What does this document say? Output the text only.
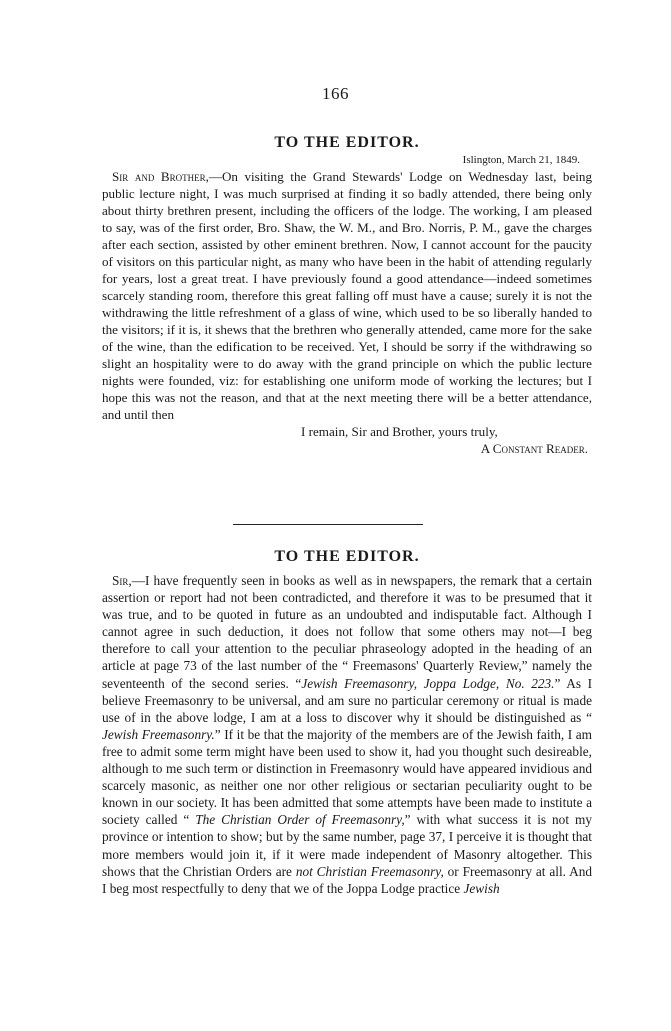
166
TO THE EDITOR.

Islington, March 21, 1849.

Sir and Brother,—On visiting the Grand Stewards' Lodge on Wednesday last, being public lecture night, I was much surprised at finding it so badly attended, there being only about thirty brethren present, including the officers of the lodge. The working, I am pleased to say, was of the first order, Bro. Shaw, the W. M., and Bro. Norris, P. M., gave the charges after each section, assisted by other eminent brethren. Now, I cannot account for the paucity of visitors on this particular night, as many who have been in the habit of attending regularly for years, lost a great treat. I have previously found a good attendance—indeed sometimes scarcely standing room, therefore this great falling off must have a cause; surely it is not the withdrawing the little refreshment of a glass of wine, which used to be so liberally handed to the visitors; if it is, it shews that the brethren who generally attended, came more for the sake of the wine, than the edification to be received. Yet, I should be sorry if the withdrawing so slight an hospitality were to do away with the grand principle on which the public lecture nights were founded, viz: for establishing one uniform mode of working the lectures; but I hope this was not the reason, and that at the next meeting there will be a better attendance, and until then

I remain, Sir and Brother, yours truly,

A Constant Reader.

TO THE EDITOR.

Sir,—I have frequently seen in books as well as in newspapers, the remark that a certain assertion or report had not been contradicted, and therefore it was to be presumed that it was true, and to be quoted in future as an undoubted and indisputable fact. Although I cannot agree in such deduction, it does not follow that some others may not—I beg therefore to call your attention to the peculiar phraseology adopted in the heading of an article at page 73 of the last number of the “ Freemasons' Quarterly Review,” namely the seventeenth of the second series. “Jewish Freemasonry, Joppa Lodge, No. 223.” As I believe Freemasonry to be universal, and am sure no particular ceremony or ritual is made use of in the above lodge, I am at a loss to discover why it should be distinguished as “ Jewish Freemasonry.” If it be that the majority of the members are of the Jewish faith, I am free to admit some term might have been used to show it, had you thought such desireable, although to me such term or distinction in Freemasonry would have appeared invidious and scarcely masonic, as neither one nor other religious or sectarian peculiarity ought to be known in our society. It has been admitted that some attempts have been made to institute a society called “ The Christian Order of Freemasonry,” with what success it is not my province or intention to show; but by the same number, page 37, I perceive it is thought that more members would join it, if it were made independent of Masonry altogether. This shows that the Christian Orders are not Christian Freemasonry, or Freemasonry at all. And I beg most respectfully to deny that we of the Joppa Lodge practice Jewish
